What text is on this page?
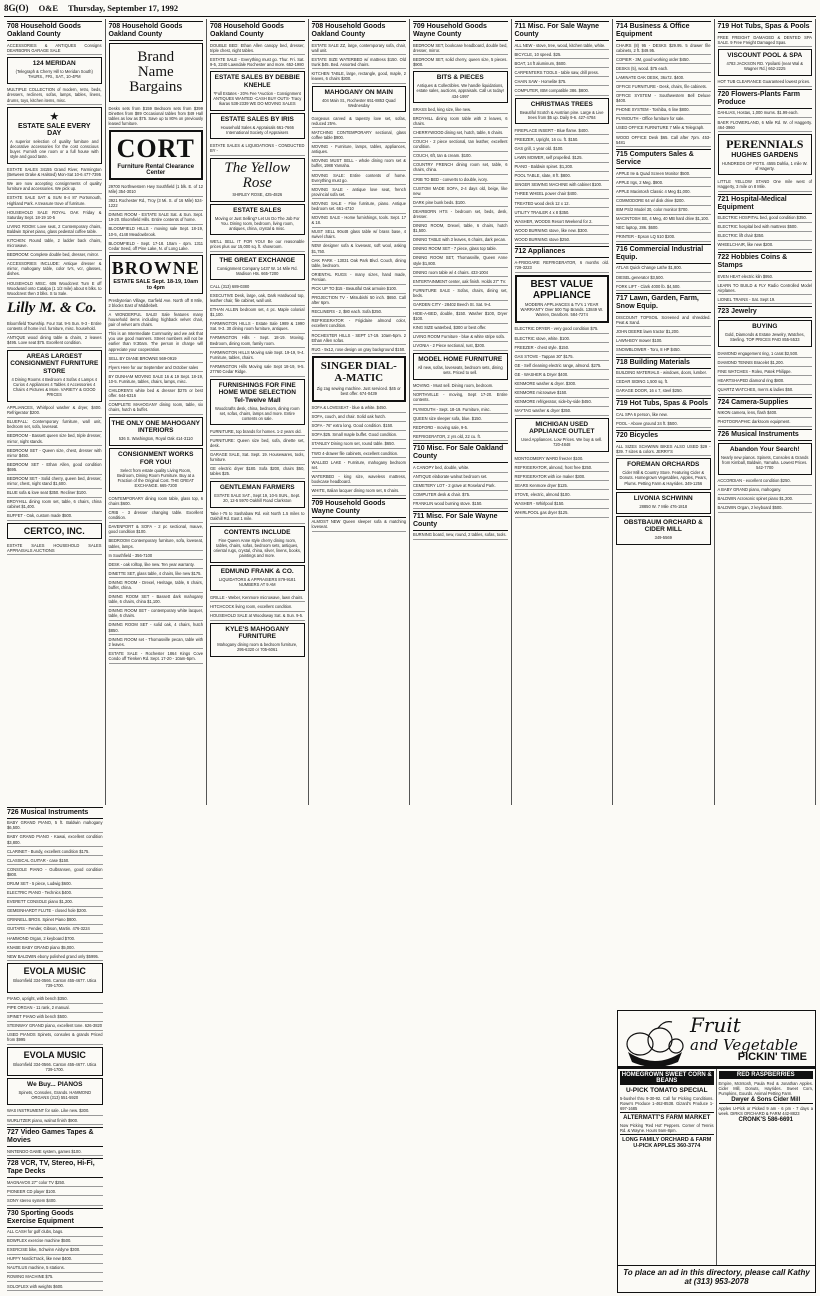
8G(O) O&E Thursday, September 17, 1992
708 Household Goods Oakland County
ACCESSORIES & ANTIQUES Consigns DEARBORN GARAGE SALE
124 MERIDAN
(Telegraph & Cherry Hill to Meridan South) THURS., FRI., SAT., 10-4PM
MULTIPLE COLLECTION of modern, retro, beds, dressers, recliners, sofas, lamps, tables, linens, drums, toys, kitchen items, misc.
★
ESTATE SALE EVERY DAY
A superior selection of quality furniture and decorative accessories for the cost conscious buyer. Furnish one room or a full house with style and good taste.
ESTATE SALES 34155 Grand River, Farmington (Between Drake & Halsted) Mon-Sat 10-6 477-7395
We are now accepting consignments of quality furniture and accessories. We pick up.
ESTATE SALE SAT & SUN 8-4 87 Portsmouth, Highland Park. A treasure trove of furniture.
HOUSEHOLD SALE ROYAL OAK Friday & Saturday Sept. 18-19 10-5
LIVING ROOM: Love seat, 2 Contemporary chairs, Baldwin Spinet piano, glass pedestal coffee table.
KITCHEN: Round table, 2 ladder back chairs, microwave.
BEDROOM: Complete double bed, dresser, mirror.
ACCESSORIES INCLUDE: Antique dresser & mirror, mahogany table, color tv's, vcr, glasses, dishes.
HOUSEHOLD MISC. 606 Woodcrest Turn E off Woodward onto Catalpa (1 1/2 mile) about 6 blks. to Woodcrest then 3 blks. S to Sale.
Lilly M. & Co.
Bloomfield Township. Four Sat. 9-5 Sun. 9-3 - Entire contents of home incl. furniture, misc. household.
ANTIQUE wood dining table & chairs, 2 leaves $495. Love seat $75. Excellent condition.
AREAS LARGEST CONSIGNMENT FURNITURE STORE
4 Dining Rooms 4 Bedroom 4 Sofas 4 Lamps 4 Curios 4 Appliances 4 Tables 4 Accessories 4 Chairs 4 Pictures & More. VARIETY & GOOD PRICES
APPLIANCES, Whirlpool washer & dryer, $400. Refrigerator $200.
BLUEFALL: Contemporary furniture, wall unit, bedroom set, sofa, loveseat.
BEDROOM - Bassett queen size bed, triple dresser, mirror, night stands.
BEDROOM SET - Queen size, chest, dresser with mirror $450.
BEDROOM SET - Ethan Allen, good condition $695.
BEDROOM SET - Solid cherry, queen bed, dresser, mirror, chest, night stand $1,600.
BLUE sofa & love seat $350. Recliner $100.
BROYHILL dining room set, table, 6 chairs, china cabinet $1,400.
BUFFET - Oak, custom made $500.
CERTCO, INC.
ESTATE SALES HOUSEHOLD SALES APPRAISALS AUCTIONS
708 Household Goods Oakland County
Brand
Name
Bargains
Desks sets from $159 Bedroom sets from $399 Dinettes from $89 Occasional tables from $49 Hall tables as low as $75. Save up to 80% on previously leased furniture.
CORT
Furniture Rental Clearance Center
29700 Northwestern Hwy Southfield (1 blk. E. of 12 Mile) 354-3010
3921 Rochester Rd., Troy (3 Mi. S. of 16 Mile) 524-1222
DINING ROOM - ESTATE SALE Sat. & Sun. Sept. 19-20. Bloomfield Hills. Entire contents of home.
BLOOMFIELD HILLS - moving sale Sept. 18-19, 10-5, 4148 Meadowbrook.
BLOOMFIELD - Sept. 17-18. 10am - 4pm. 1311 Cedar Seed, off Pine Lake, N. of Long Lake.
BROWNE
ESTATE SALE Sept. 18-19, 10am to 4pm
Presbyterian Village, Garfield Ave. North off 8 Mile, 2 blocks East of Middlebelt.
A WONDERFUL SALE! Sale features many household items including highback velvet chair, pair of velvet arm chairs.
This is an Intermediate Community and we ask that you use good manners. Street numbers will not be earlier than 9:30am. The person in charge will appreciate your cooperation.
SELL BY DIANE BROWNE 569-0919
Flyers Here for our September and October sales
BY DUNHAM MOVING SALE 16 & 19 Sept. 18-19, 10-5. Furniture, tables, chairs, lamps, misc.
CHILDREN'S white bed & dresser $275 or best offer. 644-6316
COMPLETE MAHOGANY dining room, table, six chairs, hutch & buffet.
THE ONLY ONE MAHOGANY INTERIORS
536 S. Washington, Royal Oak 414-3110
CONSIGNMENT WORKS FOR YOU!
Select from estate quality Living Room, Bedroom, Dining Room Furniture. Buy at a Fraction of the Original Cost. THE GREAT EXCHANGE. 665-7200
CONTEMPORARY dining room table, glass top, 6 chairs $600.
CRIB - 3 dresser changing table. Excellent condition.
DAVENPORT & SOFA - 2 pc sectional, mauve, good condition $100.
BEDROOM Contemporary furniture, sofa, loveseat, tables, lamps.
In Southfield - 356-7100
DESK - oak rolltop, like new. Ten year warranty.
DINETTE SET, glass table, 4 chairs, like new $175.
DINING ROOM - Drexel, Heritage, table, 6 chairs, buffet, china.
DINING ROOM SET - Bassett dark mahogany table, 6 chairs, china $1,100.
DINING ROOM SET - contemporary white lacquer, table, 6 chairs.
DINING ROOM SET - solid oak, 4 chairs, hutch $850.
DINING ROOM set - Thomasville pecan, table with 2 leaves.
ESTATE SALE - Rochester 1864 Kings Cove Condo off Tienken Rd. Sept. 17-20 - 10am-5pm.
708 Household Goods Oakland County
DOUBLE BED: Ethan Allen canopy bed, dresser, triple chest, night tables.
ESTATE SALE - Everything must go. Thur. Fri. Sat. 9-5, 2240 Lawndale Rochester and more. 652-1980
ESTATE SALES BY DEBBIE KNEHLE
*Full Estates - 20% Fee *Auction - Consignment ANTIQUES WANTED -CASH BUY OUTS- Tracy Ikaras 538-2339 WE DO MOVING SALES
ESTATE SALES BY IRIS
Household Sales & Appraisals 661-7666 International Society of Appraisers
ESTATE SALES & LIQUIDATIONS - CONDUCTED BY -
The Yellow Rose
SHIRLEY ROSE, 425-4826
ESTATE SALES
Moving or Just Selling? Let Us Do The Job For You. Dining room, bedroom, living room, antiques, china, crystal & misc.
WE'LL SELL IT FOR YOU! Be our reasonable prices plus our 15,000 sq. ft. showroom.
THE GREAT EXCHANGE
Consignment Company 1437 W. 14 Mile Rd. Madison Hts. 665-7200
CALL (313) 689-0380
EXECUTIVE Desk, large, oak, Dark Hardwood top, leather chair, file cabinet, wall unit.
ETHAN ALLEN bedroom set, 4 pc. Maple colonial $1,100.
FARMINGTON HILLS - Estate Sale 1989 & 1990 Sat. 9-3. 30 dining room furniture, antiques.
FARMINGTON Hills - Sept. 18-19. Moving. Bedroom, dining room, family room.
FARMINGTON HILLS Moving sale Sept. 19-19, 9-4. Furniture, tables, chairs.
FARMINGTON Hills Moving sale Sept 18-19, 9-5. 27760 Cedar Ridge.
FURNISHINGS FOR FINE HOME WIDE SELECTION Tel-Twelve Mall
Woodcrafts desk, china, bedroom, dining room set, sofas, chairs, lamps and more. Entire contents on sale.
FURNITURE, top brands for homes. 1-2 years old.
FURNITURE: Queen size bed, sofa, dinette set, desk.
GARAGE SALE, Sat. Sept. 19. Housewares, tools, furniture.
GE electric dryer $180. Sofa $200, chairs $50, tables $25.
GENTLEMAN FARMERS
ESTATE SALE SAT., Sept 19, 10-5 SUN., Sept. 20, 12-5 5970 Oakhill Road Clarkston
Take I-75 to Sashabaw Rd. exit North 1.5 miles to Oakhill Rd. East 1 mile.
CONTENTS INCLUDE
Fine Queen Anne style cherry dining room, tables, chairs, sofas, bedroom sets, antiques, oriental rugs, crystal, china, silver, linens, books, paintings and more.
EDMUND FRANK & CO.
LIQUIDATORS & APPRAISERS 879-9181 NUMBERS AT 9 AM
GRILLE - Weber, Kenmore microwave, lawn chairs.
HITCHCOCK living room, excellent condition.
HOUSEHOLD SALE at Woodsway Sat. & Sun. 9-5.
KYLE'S MAHOGANY FURNITURE
Mahogany dining room & bedroom furniture, 295-6320 or 705-6061
708 Household Goods Oakland County
ESTATE SALE ZZ, large, contemporary sofa, chair, wall unit.
ESTATE SIZE WATERBED w/ mattress $150. Old trunk $45. Bed. Assorted chairs.
KITCHEN TABLE, large, rectangle, good, maple, 2 leaves, 6 chairs $300.
MAHOGANY ON MAIN
404 Main St., Rochester 651-8853 Quad Wednesday
Gorgeous carved & tapestry love set, sofas, reduced 25%.
MATCHING CONTEMPORARY sectional, glass coffee table $900.
MOVING - Furniture, lamps, tables, appliances, antiques.
MOVING MUST SELL - whole dining room set & buffet, 1988 Yamaha.
MOVING SALE: Entire contents of home. Everything must go.
MOVING SALE - antique love seat, french provincial sofa set.
MOVING SALE - Fine furniture, piano. Antique bedroom set. 661-4710
MOVING SALE - Home furnishings, tools. Sept. 17 & 18.
MUST SELL 90x48 glass table w/ brass base, 4 swivel chairs.
NEW designer sofa & loveseat, soft wool, asking $1,750.
OAK PARK - 13031 Oak Park Blvd. Couch, dining table, bedroom.
ORIENTAL RUGS - many sizes, hand made, Persian.
PICK UP TO $15 - Beautiful Oak armoire $100.
PROJECTION TV - Mitsubishi 50 inch. $650. Call after 6pm.
RECLINERS - 2, $80 each. Sofa $250.
REFRIGERATOR - Frigidaire almond color, excellent condition.
ROCHESTER HILLS - SEPT 17-19. 10am-5pm. 2 Ethan Allen sofas.
RUG - 9x12, rose design on gray background $150.
SINGER DIAL-A-MATIC
Zig zag sewing machine. Just serviced. $45 or best offer. 674-0439
SOFA & LOVESEAT - blue & white. $450.
SOFA, couch, and chair. Solid oak hutch.
SOFA - 76" extra long. Good condition. $150.
SOFA $25. Small maple buffet. Good condition.
STANLEY Dining room set, round table. $650.
TWO 4-drawer file cabinets, excellent condition.
WALLED LAKE - Furniture, mahogany bedroom set.
WATERBED - king size, waveless mattress, bookcase headboard.
WHITE, Italian lacquer dining room set, 6 chairs.
709 Household Goods Wayne County
ALMOST NEW Queen sleeper sofa & matching loveseat.
709 Household Goods Wayne County
BEDROOM SET, bookcase headboard, double bed, dresser, mirror.
BEDROOM SET, solid cherry, queen size, 5 pieces. $900.
BITS & PIECES
Antiques & Collectibles. We handle liquidations, estate sales, auctions, appraisals. Call us today! 434-1997
BRASS bed, king size, like new.
BROYHILL dining room table with 2 leaves, 6 chairs.
CHERRYWOOD dining set, hutch, table, 6 chairs.
COUCH - 2 piece sectional, tan leather, excellent condition.
COUCH, 6ft, tan & cream. $100.
COUNTRY FRENCH dining room set, table, 6 chairs, china.
CRIB TO BED - converts to double, ivory.
CUSTOM MADE SOFA, 2-4 days old, beige, like new.
DARK pine bunk beds. $100.
DEARBORN HTS - bedroom set, beds, desk, dresser.
DINING ROOM, Drexel, table, 6 chairs, hutch $1,500.
DINING TABLE with 3 leaves, 6 chairs, dark pecan.
DINING ROOM SET - 7 piece, glass top table.
DINING ROOM SET, Thomasville, Queen Anne style $1,800.
DINING room table w/ 4 chairs. 433-1004
ENTERTAINMENT center, oak finish. Holds 27" TV.
FURNITURE SALE - Sofas, chairs, dining set, beds.
GARDEN CITY - 28402 Beech St. Sat. 9-4.
HIDE-A-BED, double, $150. Washer $100, Dryer $100.
KING SIZE waterbed, $300 or best offer.
LIVING ROOM Furniture - blue & white stripe sofa.
LIVONIA - 2 Piece sectional, rust, $200.
MODEL HOME FURNITURE
All new, sofas, loveseats, bedroom sets, dining sets. Priced to sell.
MOVING - Must sell. Dining room, bedroom.
NORTHVILLE - moving, Sept 17-20. Entire contents.
PLYMOUTH - Sept. 18-19. Furniture, misc.
QUEEN size sleeper sofa, blue. $150.
REDFORD - moving sale, 9-5.
REFRIGERATOR, 2 yrs old, 22 cu. ft.
710 Misc. For Sale Oakland County
A CANOPY bed, double, white.
ANTIQUE elaborate walnut bedroom set.
CEMETERY LOT - 2 grave at Roseland Park.
COMPUTER desk & chair. $75.
FRANKLIN wood burning stove. $150.
711 Misc. For Sale Wayne County
BURNING board, new, round, 2 tables, sofas, tools.
711 Misc. For Sale Wayne County
ALL NEW - stove, tree, wood, kitchen table, white.
BICYCLE, 10 speed. $25.
BOAT, 14 ft aluminum, $600.
CARPENTERS TOOLS - table saw, drill press.
CHAIN SAW - Homelite $75.
COMPUTER, IBM compatible 386. $800.
CHRISTMAS TREES
Beautiful Scotch & Austrian pine. Large & Live trees from $5 up. Daily 9-6. 427-4784
FIREPLACE INSERT - Blue flame. $400.
FREEZER, Upright, 16 cu. ft. $150.
GAS grill, 1 year old. $100.
LAWN MOWER, self propelled. $125.
PIANO - Baldwin spinet. $1,200.
POOL TABLE, slate, 8 ft. $800.
SINGER SEWING MACHINE with cabinet $100.
THREE WHEEL power chair $400.
TREATED wood deck 12 x 12.
UTILITY TRAILER 4 x 8 $350.
WASHER, WOODS Resort Weekend for 2.
WOOD BURNING stove, like new. $300.
WOOD BURNING stove $250.
712 Appliances
A-FRIDGARE REFRIGERATOR, 6 months old. 729-3223
BEST VALUE
APPLIANCE
MODERN APPLIANCES & TV's 1 YEAR WARRANTY Over 500 Top Brands. 13849 W. Warren, Dearborn. 584-7274
ELECTRIC DRYER - very good condition $75.
ELECTRIC stove, white. $100.
FREEZER - chest style. $150.
GAS STOVE - Tappan 30" $175.
GE - Self cleaning electric range, almond. $275.
GE - WASHER & Dryer $400.
KENMORE washer & dryer. $300.
KENMORE microwave $150.
KENMORE refrigerator, side-by-side $450.
MAYTAG washer & dryer $350.
MICHIGAN USED APPLIANCE OUTLET
Used Appliances. Low Prices. We buy & sell. 720-4848
MONTGOMERY WARD freezer $100.
REFRIGERATOR, almond, frost free $250.
REFRIGERATOR with ice maker $300.
SEARS Kenmore dryer $125.
STOVE, electric, almond $100.
WASHER - Whirlpool $150.
WHIRLPOOL gas dryer $125.
714 Business & Office Equipment
CHAIRS (8) 95 - DESKS $29.95. 5 drawer file cabinets, 2 ft. $49.95.
COPIER - 3M, good working order $450.
DESKS (5), wood. $75 each.
LAMINATE OAK DESK, 36x72. $400.
OFFICE FURNITURE - Desk, chairs, file cabinets.
OFFICE SYSTEM - Southwestern Bell Deluxe $400.
PHONE SYSTEM - Toshiba, 6 line $800.
PLYMOUTH - Office furniture for sale.
USED OFFICE FURNITURE 7 Mile & Telegraph.
WOOD OFFICE Desk $65. Call after 7pm. 453-5481
715 Computers Sales & Service
APPLE IIe & Quad Screen Monitor $500.
APPLE IIgs, 2 Meg. $900.
APPLE Macintosh Classic 4 Meg $1,000.
COMMODORE 64 w/ disk drive $200.
IBM PS/2 Model 30, color monitor $700.
MACINTOSH SE, 4 Meg, 40 MB hard drive $1,100.
NEC laptop, 286. $600.
PRINTER - Epson LQ 510 $200.
716 Commercial Industrial Equip.
ATLAS Quick Change Lathe $1,800.
DIESEL generator $3,500.
FORK LIFT - Clark 4000 lb. $4,500.
717 Lawn, Garden, Farm, Snow Equip.
DISCOUNT TOPSOIL Screened and shredded. Peat & Sand.
JOHN DEERE lawn tractor $1,200.
LAWN-BOY mower $100.
SNOWBLOWER - Toro, 8 HP $450.
718 Building Materials
BUILDING MATERIALS - windows, doors, lumber.
CEDAR SIDING 1,500 sq. ft.
GARAGE DOOR, 16 x 7, steel $250.
719 Hot Tubs, Spas & Pools
CAL SPA 6 person, like new.
POOL - Above ground 24 ft. $500.
720 Bicycles
ALL SIZES SCHWINN BIKES ALSO USED $29 - $39. 7 sizes & colors. JERRY'S
FOREMAN ORCHARDS
Cider Mill & Country Store. Featuring Cider & Donuts. Homegrown Vegetables, Apples, Pears, Plums. Petting Farm & Hayrides. 349-1256
LIVONIA SCHWINN
28850 W. 7 Mile 476-1818
OBSTBAUM ORCHARD & CIDER MILL
349-5569
719 Hot Tubs, Spas & Pools
FREE FREIGHT DAMAGED & DENTED SPA SALE. 9 Free Freight Damaged Spas.
VISCOUNT POOL & SPA
4783 JACKSON RD. Ypsilanti (near Wal & Wagner Rd.) 662-2225
HOT TUB CLEARANCE Guaranteed lowest prices.
720 Flowers-Plants Farm Produce
DAHLIAS, Hostas, 1,000 mums. $1.99 each.
BAER FLOWERLAND, 6 Mile Rd. W. of Haggerty. 464-3960
PERENNIALS
HUGHES GARDENS
HUNDREDS OF POTS. 4555 Dahlia, 1 mile W. of Hagerty.
LITTLE YELLOW STAND One mile west of Haggerty, 3 mile on 8 Mile.
721 Hospital-Medical Equipment
ELECTRIC HOSPITAL bed, good condition $350.
ELECTRIC hospital bed with mattress $500.
ELECTRIC lift chair $350.
WHEELCHAIR, like new $200.
722 Hobbies Coins & Stamps
EVEN HEAT electric kiln $950.
LEARN TO BUILD & FLY Radio Controlled Model Airplanes.
LIONEL TRAINS - Sat. Sept 19.
723 Jewelry
BUYING
Gold, Diamonds & Estate Jewelry, Watches, Sterling. TOP PRICES PAID 855-5533
DIAMOND engagement ring, 1 carat $2,500.
DIAMOND TENNIS Bracelet $1,200.
FINE WATCHES - Rolex, Patek Philippe.
HEARTSHAPED diamond ring $800.
QUARTZ WATCHES, men's & ladies $50.
724 Camera-Supplies
NIKON camera, lens, flash $400.
PHOTOGRAPHIC darkroom equipment.
726 Musical Instruments
Abandon Your Search!
Nearly new pianos. Spinets, Consoles & Grands from Kimball, Baldwin, Yamaha. Lowest Prices. 542-7700
ACCORDIAN - excellent condition $250.
A BABY GRAND piano, mahogany.
BALDWIN Acrosonic spinet piano $1,200.
BALDWIN Organ, 2 keyboard $500.
726 Musical Instruments
BABY GRAND PIANO, 5 ft. Baldwin mahogany $6,500.
BABY GRAND PIANO - Kawai, excellent condition $3,800.
CLARINET - Bundy, excellent condition $175.
CLASSICAL GUITAR - case $150.
CONSOLE PIANO - Gulbransen, good condition $800.
DRUM SET - 5 piece, Ludwig $600.
ELECTRIC PIANO - Technics $400.
EVERETT CONSOLE piano $1,200.
GEMEINHARDT FLUTE - closed hole $200.
GRINNELL BROS. Spinet Piano $800.
GUITARS - Fender, Gibson, Martin. 476-3224
HAMMOND Organ, 2 keyboard $700.
KNABE BABY GRAND piano $5,000.
NEW BALDWIN ebony polished grand only $5995.
EVOLA MUSIC
Bloomfield 334-0566. Canton 455-4677. Utica 739-1700.
PIANO, upright, with bench $350.
PIPE ORGAN - 11 rank, 2 manual.
SPINET PIANO with bench $500.
STEINWAY GRAND piano, excellent tone. 626-3820
USED PIANOS Spinets, consoles & grands Priced from $995
EVOLA MUSIC
Bloomfield 334-0566. Canton 455-4677. Utica 739-1700.
We Buy... PIANOS
Spinets, Consoles, Grands. HAMMOND ORGANS (313) 551-5920
WAS INSTRUMENT for sale. Like new. $300.
WURLITZER piano, walnut finish $900.
727 Video Games Tapes & Movies
NINTENDO GAME system, games $100.
728 VCR, TV, Stereo, Hi-Fi, Tape Decks
MAGNAVOX 27" color TV $250.
PIONEER CD player $100.
SONY stereo system $400.
730 Sporting Goods Exercise Equipment
ALL CASH for golf clubs, bags.
BOWFLEX exercise machine $500.
EXERCISE bike, Schwinn Airdyne $300.
HUFFY NordicTrack, like new $400.
NAUTILUS machine, 5 stations.
ROWING MACHINE $75.
SOLOFLEX with weights $600.
Fruit
and Vegetable
PICKIN' TIME
HOMEGROWN SWEET CORN & BEANS
U-PICK TOMATO SPECIAL
5-bushel thru 9-30-92. Call for Picking Conditions. Rowe's Produce 1-462-8538. Gizard's Produce 1-697-1685
ALTERMATT'S FARM MARKET
Now Picking 'Red Hot' Peppers. Corner of Tennis Rd. & Wayne. Hours 9am-8pm.
LONG FAMILY ORCHARD & FARM U-PICK APPLES 360-3774
RED RASPBERRIES
Empire, McIntosh, Paula Red & Jonathan Apples. Cider Mill, Donuts, Hayrides. Sweet Corn, Pumpkins, Gourds. Animal Petting Farm.
Dwyer & Sons Cider Mill
Apples U-Pick or Picked 9 am - 6 pm - 7 days a week. DIRKS ORCHARD & FARM 442-8823
CRONK'S 586-6691
To place an ad in this directory, please call Kathy at (313) 953-2078
